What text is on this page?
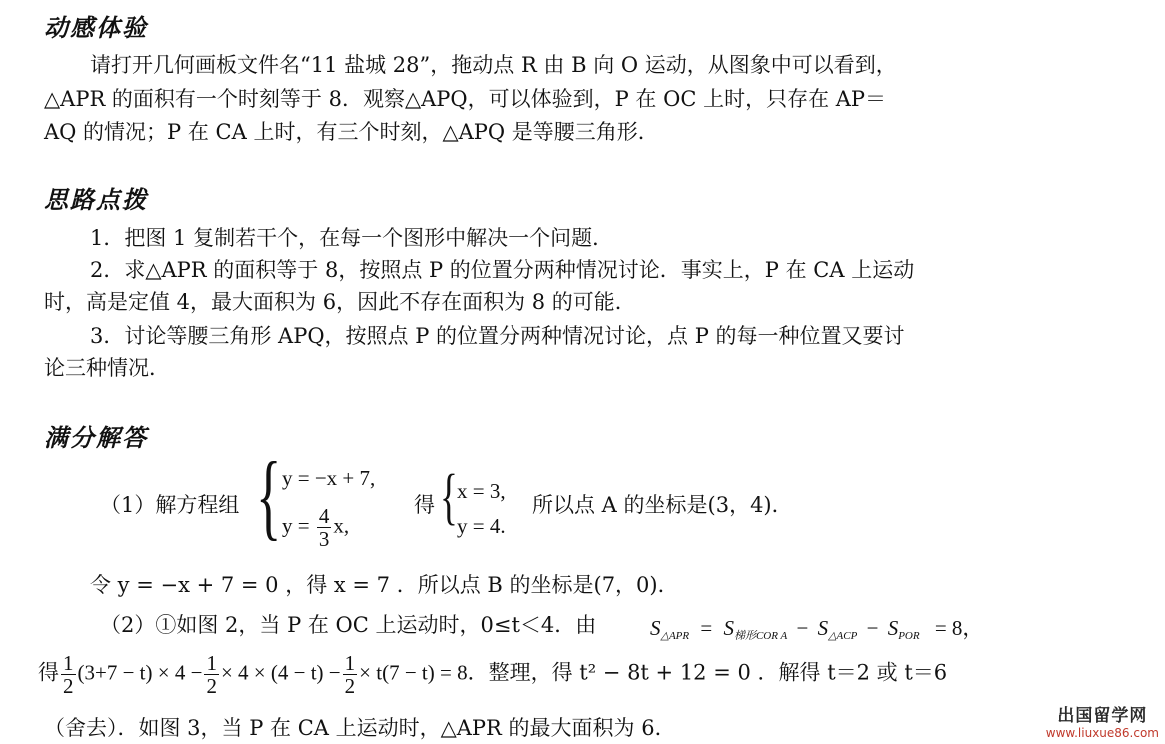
动感体验
请打开几何画板文件名“11 盐城 28”，拖动点 R 由 B 向 O 运动，从图象中可以看到，
△APR 的面积有一个时刻等于 8．观察△APQ，可以体验到，P 在 OC 上时，只存在 AP＝
AQ 的情况；P 在 CA 上时，有三个时刻，△APQ 是等腰三角形．
思路点拨
1．把图 1 复制若干个，在每一个图形中解决一个问题．
2．求△APR 的面积等于 8，按照点 P 的位置分两种情况讨论．事实上，P 在 CA 上运动
时，高是定值 4，最大面积为 6，因此不存在面积为 8 的可能．
3．讨论等腰三角形 APQ，按照点 P 的位置分两种情况讨论，点 P 的每一种位置又要讨
论三种情况．
满分解答
（1）解方程组 { y = −x + 7,
$y = \frac{4}{3} x$,
得 { x = 3,
y = 4.
所以点 A 的坐标是(3，4)．
令 y = −x + 7 = 0 ，得 x = 7 ．所以点 B 的坐标是(7，0)．
（2）①如图 2，当 P 在 OC 上运动时，0≤t＜4．由	$S_{\triangle APR} = S_{梯形COR A} - S_{\triangle ACP} - S_{POR} = 8$，
得 $\frac{1}{2} (3+7 - t) \times 4 - \frac{1}{2} \times 4 \times (4 - t) - \frac{1}{2} \times t(7 - t) = 8$．整理，得 t² − 8t + 12 = 0 ．解得 t＝2 或 t＝6
（舍去）．如图 3，当 P 在 CA 上运动时，△APR 的最大面积为 6．	出国留学网
www.liuxue86.com
